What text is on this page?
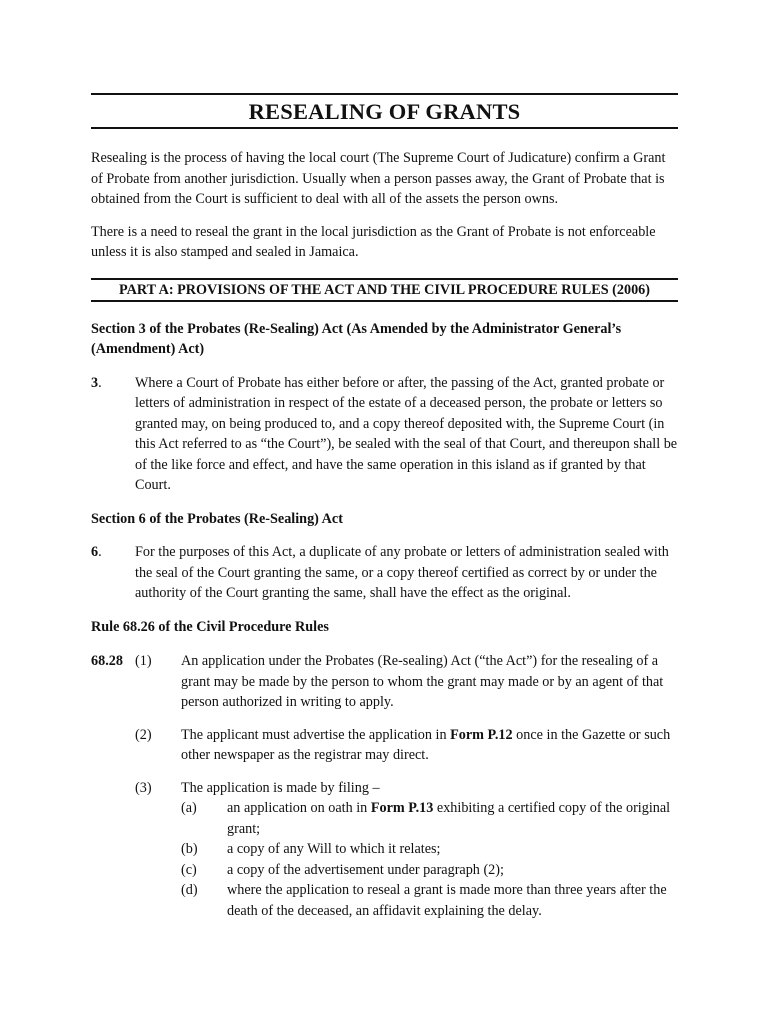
RESEALING OF GRANTS

Resealing is the process of having the local court (The Supreme Court of Judicature) confirm a Grant of Probate from another jurisdiction. Usually when a person passes away, the Grant of Probate that is obtained from the Court is sufficient to deal with all of the assets the person owns.

There is a need to reseal the grant in the local jurisdiction as the Grant of Probate is not enforceable unless it is also stamped and sealed in Jamaica.

PART A: PROVISIONS OF THE ACT AND THE CIVIL PROCEDURE RULES (2006)

Section 3 of the Probates (Re-Sealing) Act (As Amended by the Administrator General’s (Amendment) Act)

3.	Where a Court of Probate has either before or after, the passing of the Act, granted probate or letters of administration in respect of the estate of a deceased person, the probate or letters so granted may, on being produced to, and a copy thereof deposited with, the Supreme Court (in this Act referred to as “the Court”), be sealed with the seal of that Court, and thereupon shall be of the like force and effect, and have the same operation in this island as if granted by that Court.

Section 6 of the Probates (Re-Sealing) Act

6.	For the purposes of this Act, a duplicate of any probate or letters of administration sealed with the seal of the Court granting the same, or a copy thereof certified as correct by or under the authority of the Court granting the same, shall have the effect as the original.

Rule 68.26 of the Civil Procedure Rules

68.28 (1)	An application under the Probates (Re-sealing) Act (“the Act”) for the resealing of a grant may be made by the person to whom the grant may made or by an agent of that person authorized in writing to apply.
(2)	The applicant must advertise the application in Form P.12 once in the Gazette or such other newspaper as the registrar may direct.
(3)	The application is made by filing –
(a)	an application on oath in Form P.13 exhibiting a certified copy of the original grant;
(b)	a copy of any Will to which it relates;
(c)	a copy of the advertisement under paragraph (2);
(d)	where the application to reseal a grant is made more than three years after the death of the deceased, an affidavit explaining the delay.
